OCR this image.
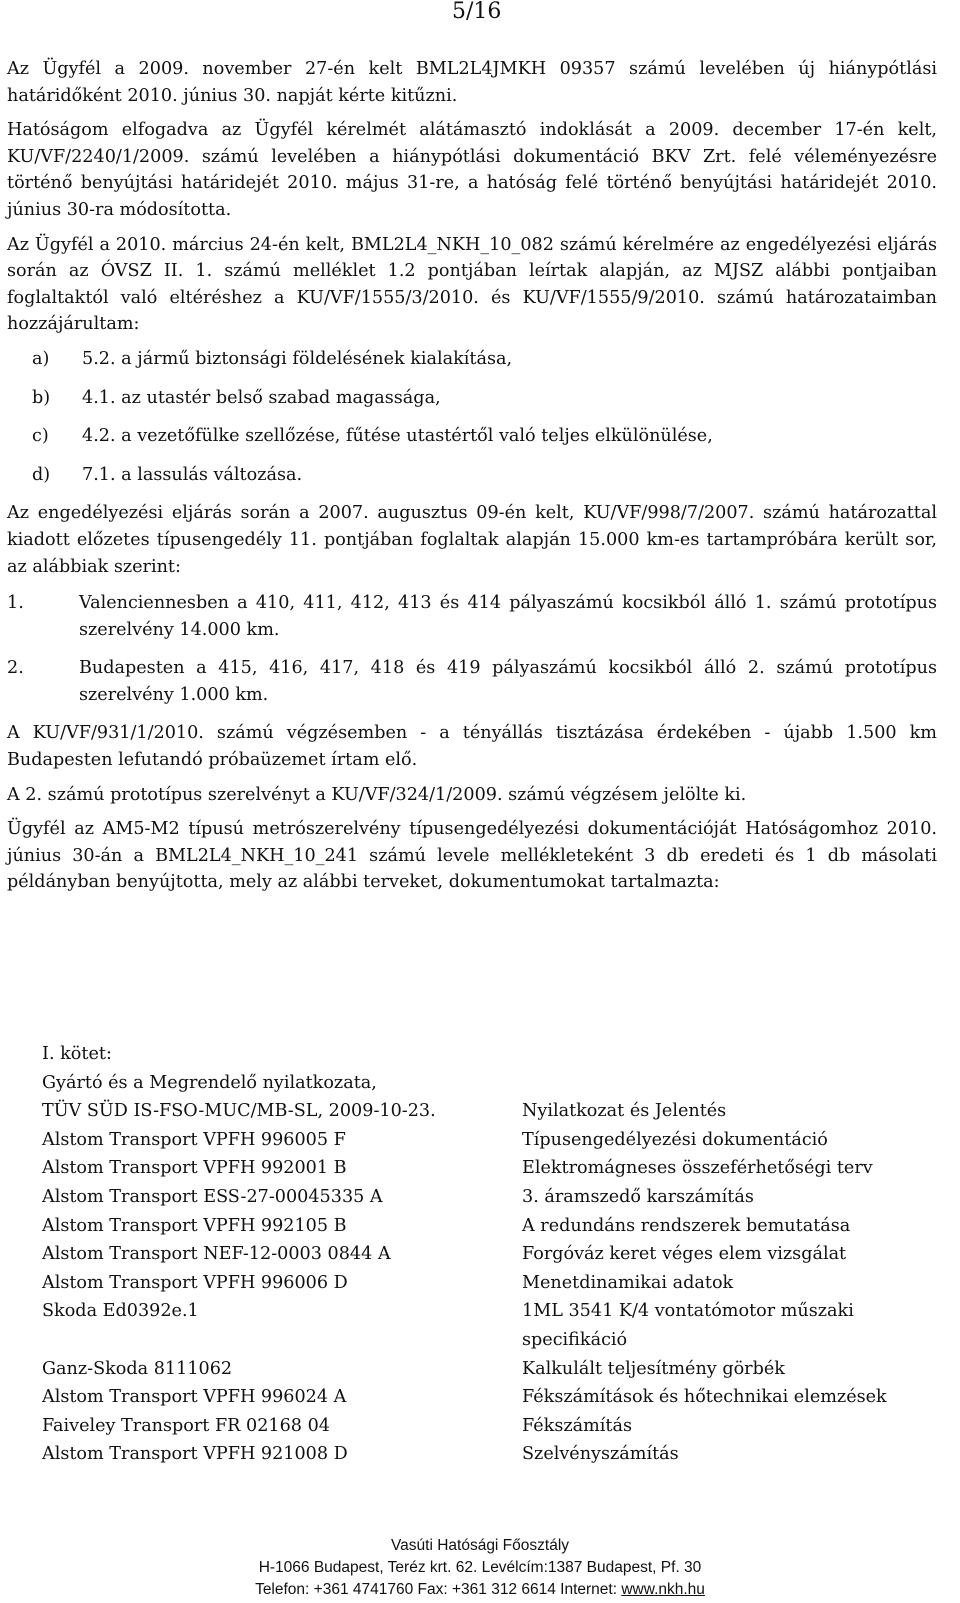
5/16

Az Ügyfél a 2009. november 27-én kelt BML2L4JMKH 09357 számú levelében új hiánypótlási határidőként 2010. június 30. napját kérte kitűzni.

Hatóságom elfogadva az Ügyfél kérelmét alátámasztó indoklását a 2009. december 17-én kelt, KU/VF/2240/1/2009. számú levelében a hiánypótlási dokumentáció BKV Zrt. felé véleményezésre történő benyújtási határidejét 2010. május 31-re, a hatóság felé történő benyújtási határidejét 2010. június 30-ra módosította.

Az Ügyfél a 2010. március 24-én kelt, BML2L4_NKH_10_082 számú kérelmére az engedélyezési eljárás során az ÓVSZ II. 1. számú melléklet 1.2 pontjában leírtak alapján, az MJSZ alábbi pontjaiban foglaltaktól való eltéréshez a KU/VF/1555/3/2010. és KU/VF/1555/9/2010. számú határozataimban hozzájárultam:

a)	5.2. a jármű biztonsági földelésének kialakítása,
b)	4.1. az utastér belső szabad magassága,
c)	4.2. a vezetőfülke szellőzése, fűtése utastértől való teljes elkülönülése,
d)	7.1. a lassulás változása.

Az engedélyezési eljárás során a 2007. augusztus 09-én kelt, KU/VF/998/7/2007. számú határozattal kiadott előzetes típusengedély 11. pontjában foglaltak alapján 15.000 km-es tartampróbára került sor, az alábbiak szerint:

1.	Valenciennesben a 410, 411, 412, 413 és 414 pályaszámú kocsikból álló 1. számú prototípus szerelvény 14.000 km.
2.	Budapesten a 415, 416, 417, 418 és 419 pályaszámú kocsikból álló 2. számú prototípus szerelvény 1.000 km.

A KU/VF/931/1/2010. számú végzésemben - a tényállás tisztázása érdekében - újabb 1.500 km Budapesten lefutandó próbaüzemet írtam elő.

A 2. számú prototípus szerelvényt a KU/VF/324/1/2009. számú végzésem jelölte ki.

Ügyfél az AM5-M2 típusú metrószerelvény típusengedélyezési dokumentációját Hatóságomhoz 2010. június 30-án a BML2L4_NKH_10_241 számú levele mellékleteként 3 db eredeti és 1 db másolati példányban benyújtotta, mely az alábbi terveket, dokumentumokat tartalmazta:

I. kötet:

Gyártó és a Megrendelő nyilatkozata,

TÜV SÜD IS-FSO-MUC/MB-SL, 2009-10-23.	Nyilatkozat és Jelentés
Alstom Transport VPFH 996005 F	Típusengedélyezési dokumentáció
Alstom Transport VPFH 992001 B	Elektromágneses összeférhetőségi terv
Alstom Transport ESS-27-00045335 A	3. áramszedő karszámítás
Alstom Transport VPFH 992105 B	A redundáns rendszerek bemutatása
Alstom Transport NEF-12-0003 0844 A	Forgóváz keret véges elem vizsgálat
Alstom Transport VPFH 996006 D	Menetdinamikai adatok
Skoda Ed0392e.1	1ML 3541 K/4 vontatómotor műszaki specifikáció
Ganz-Skoda 8111062	Kalkulált teljesítmény görbék
Alstom Transport VPFH 996024 A	Fékszámítások és hőtechnikai elemzések
Faiveley Transport FR 02168 04	Fékszámítás
Alstom Transport VPFH 921008 D	Szelvényszámítás
Vasúti Hatósági Főosztály
H-1066 Budapest, Teréz krt. 62. Levélcím:1387 Budapest, Pf. 30
Telefon: +361 4741760 Fax: +361 312 6614 Internet: www.nkh.hu
